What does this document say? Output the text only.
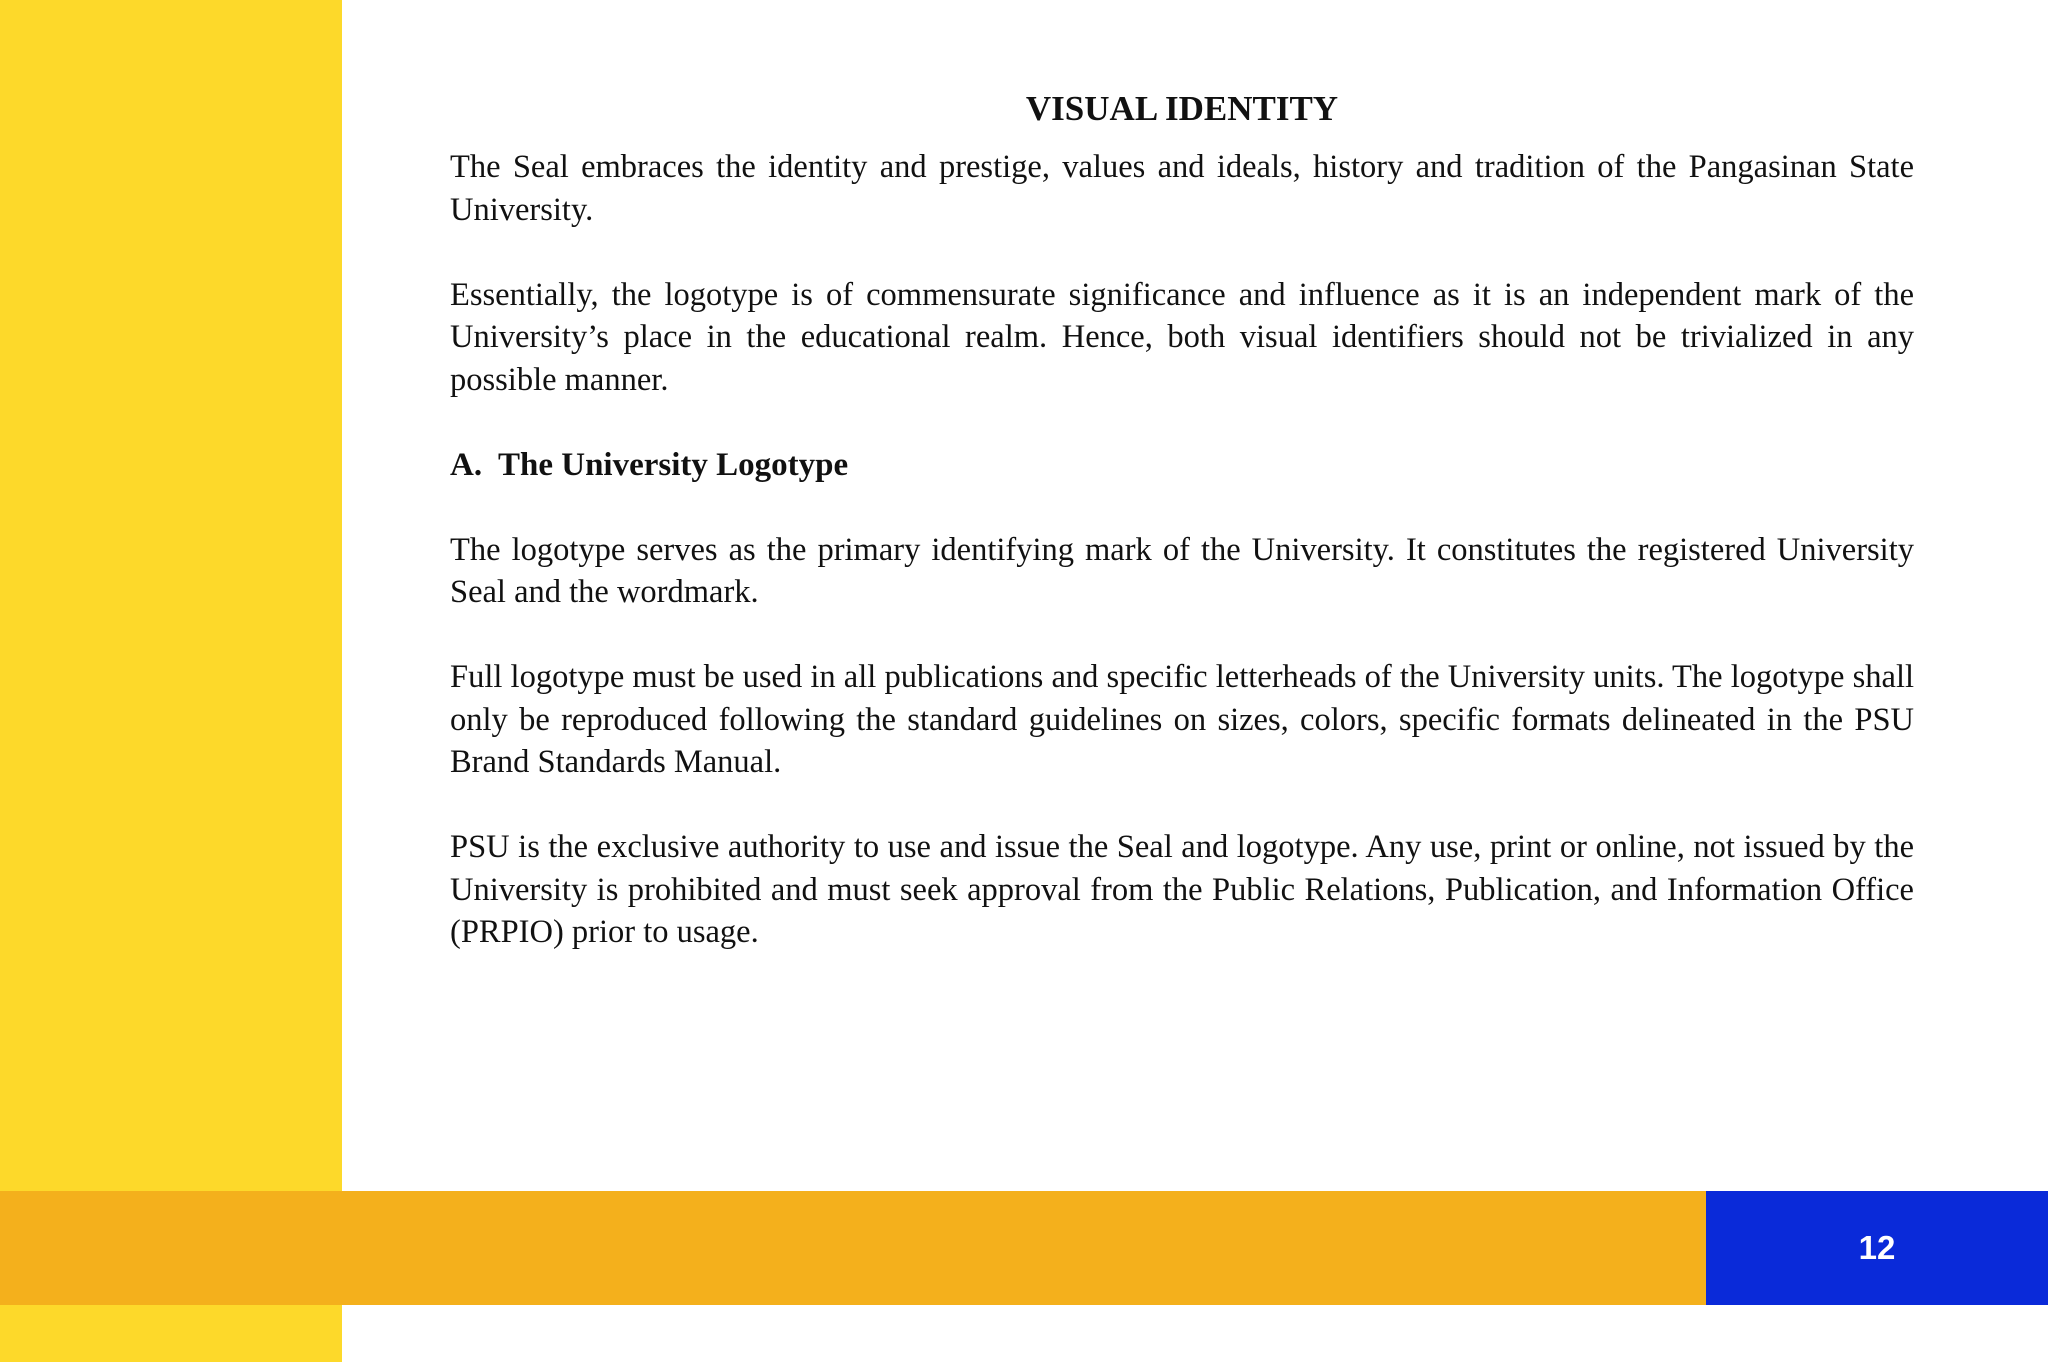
VISUAL IDENTITY

The Seal embraces the identity and prestige, values and ideals, history and tradition of the Pangasinan State University.

Essentially, the logotype is of commensurate significance and influence as it is an independent mark of the University’s place in the educational realm. Hence, both visual identifiers should not be trivialized in any possible manner.

A.  The University Logotype

The logotype serves as the primary identifying mark of the University. It constitutes the registered University Seal and the wordmark.

Full logotype must be used in all publications and specific letterheads of the University units. The logotype shall only be reproduced following the standard guidelines on sizes, colors, specific formats delineated in the PSU Brand Standards Manual.

PSU is the exclusive authority to use and issue the Seal and logotype. Any use, print or online, not issued by the University is prohibited and must seek approval from the Public Relations, Publication, and Information Office (PRPIO) prior to usage.

12
